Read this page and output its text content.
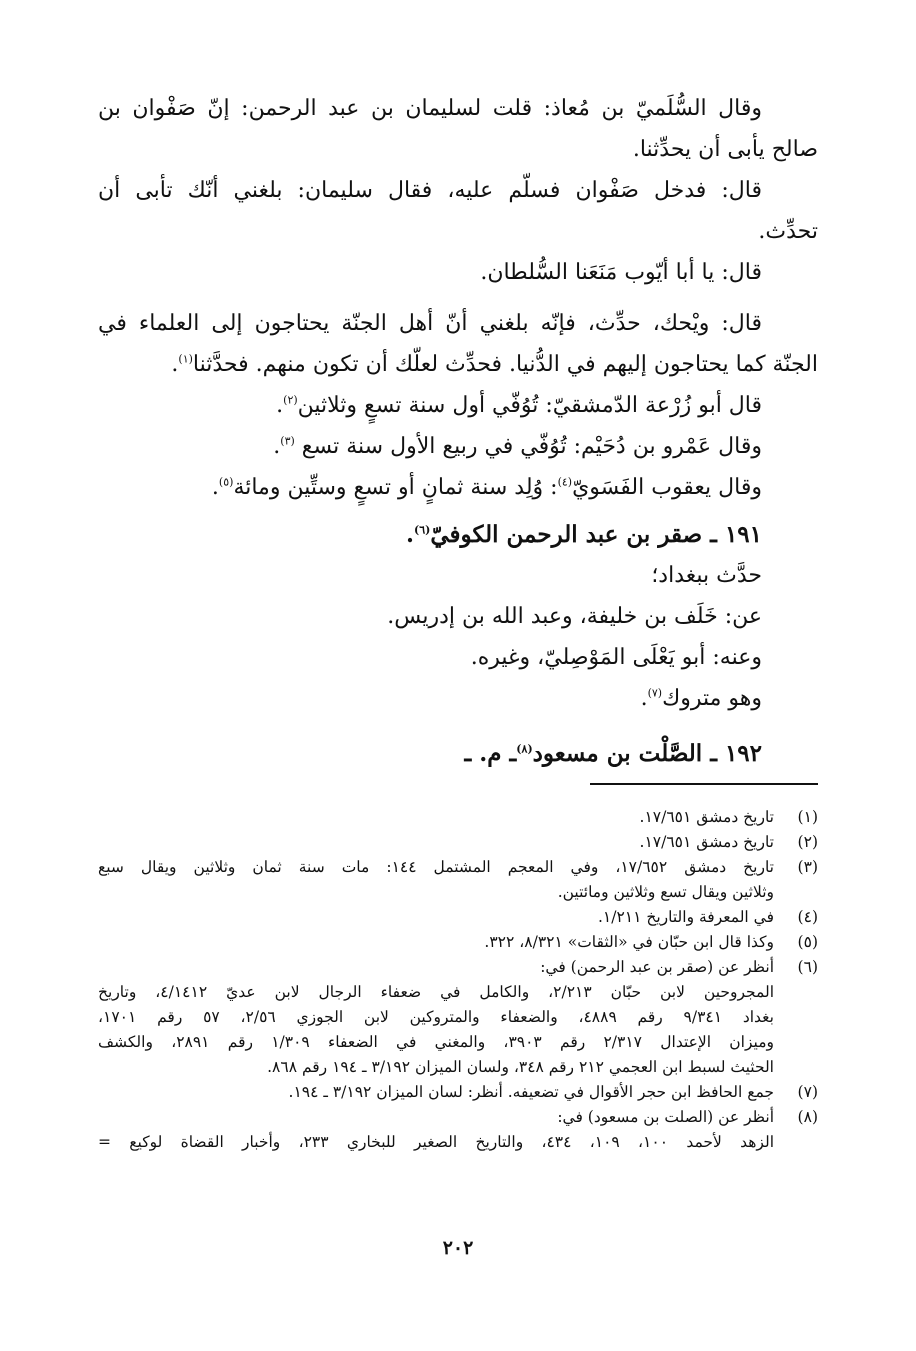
وقال السُّلَميّ بن مُعاذ: قلت لسليمان بن عبد الرحمن: إنّ صَفْوان بن

صالح يأبى أن يحدِّثنا.

قال: فدخل صَفْوان فسلّم عليه، فقال سليمان: بلغني أنّك تأبى أن

تحدِّث.

قال: يا أبا أيّوب مَنَعَنا السُّلطان.

قال: ويْحك، حدِّث، فإنّه بلغني أنّ أهل الجنّة يحتاجون إلى العلماء في

الجنّة كما يحتاجون إليهم في الدُّنيا. فحدِّث لعلّك أن تكون منهم. فحدَّثنا$^{(١)}$.

قال أبو زُرْعة الدّمشقيّ: تُوُفّي أول سنة تسعٍ وثلاثين$^{(٢)}$.

وقال عَمْرو بن دُحَيْم: تُوُفّي في ربيع الأول سنة تسع $^{(٣)}$.

وقال يعقوب الفَسَويّ$^{(٤)}$: وُلِد سنة ثمانٍ أو تسعٍ وستِّين ومائة$^{(٥)}$.

١٩١ ـ صقر بن عبد الرحمن الكوفيّ$^{(٦)}$.

حدَّث ببغداد؛

عن: خَلَف بن خليفة، وعبد الله بن إدريس.

وعنه: أبو يَعْلَى المَوْصِليّ، وغيره.

وهو متروك$^{(٧)}$.

١٩٢ ـ الصَّلْت بن مسعود$^{(٨)}$ـ م. ـ

(١)
تاريخ دمشق ١٧/٦٥١.
(٢)
تاريخ دمشق ١٧/٦٥١.
(٣)
تاريخ دمشق ١٧/٦٥٢، وفي المعجم المشتمل ١٤٤: مات سنة ثمان وثلاثين ويقال سبع
وثلاثين ويقال تسع وثلاثين ومائتين.
(٤)
في المعرفة والتاريخ ١/٢١١.
(٥)
وكذا قال ابن حبّان في «الثقات» ٨/٣٢١، ٣٢٢.
(٦)
أنظر عن (صقر بن عبد الرحمن) في:
المجروحين لابن حبّان ٢/٢١٣، والكامل في ضعفاء الرجال لابن عديّ ٤/١٤١٢، وتاريخ
بغداد ٩/٣٤١ رقم ٤٨٨٩، والضعفاء والمتروكين لابن الجوزي ٢/٥٦، ٥٧ رقم ١٧٠١،
وميزان الإعتدال ٢/٣١٧ رقم ٣٩٠٣، والمغني في الضعفاء ١/٣٠٩ رقم ٢٨٩١، والكشف
الحثيث لسبط ابن العجمي ٢١٢ رقم ٣٤٨، ولسان الميزان ٣/١٩٢ ـ ١٩٤ رقم ٨٦٨.
(٧)
جمع الحافظ ابن حجر الأقوال في تضعيفه. أنظر: لسان الميزان ٣/١٩٢ ـ ١٩٤.
(٨)
أنظر عن (الصلت بن مسعود) في:
الزهد لأحمد ١٠٠، ١٠٩، ٤٣٤، والتاريخ الصغير للبخاري ٢٣٣، وأخبار القضاة لوكيع =
٢٠٢
